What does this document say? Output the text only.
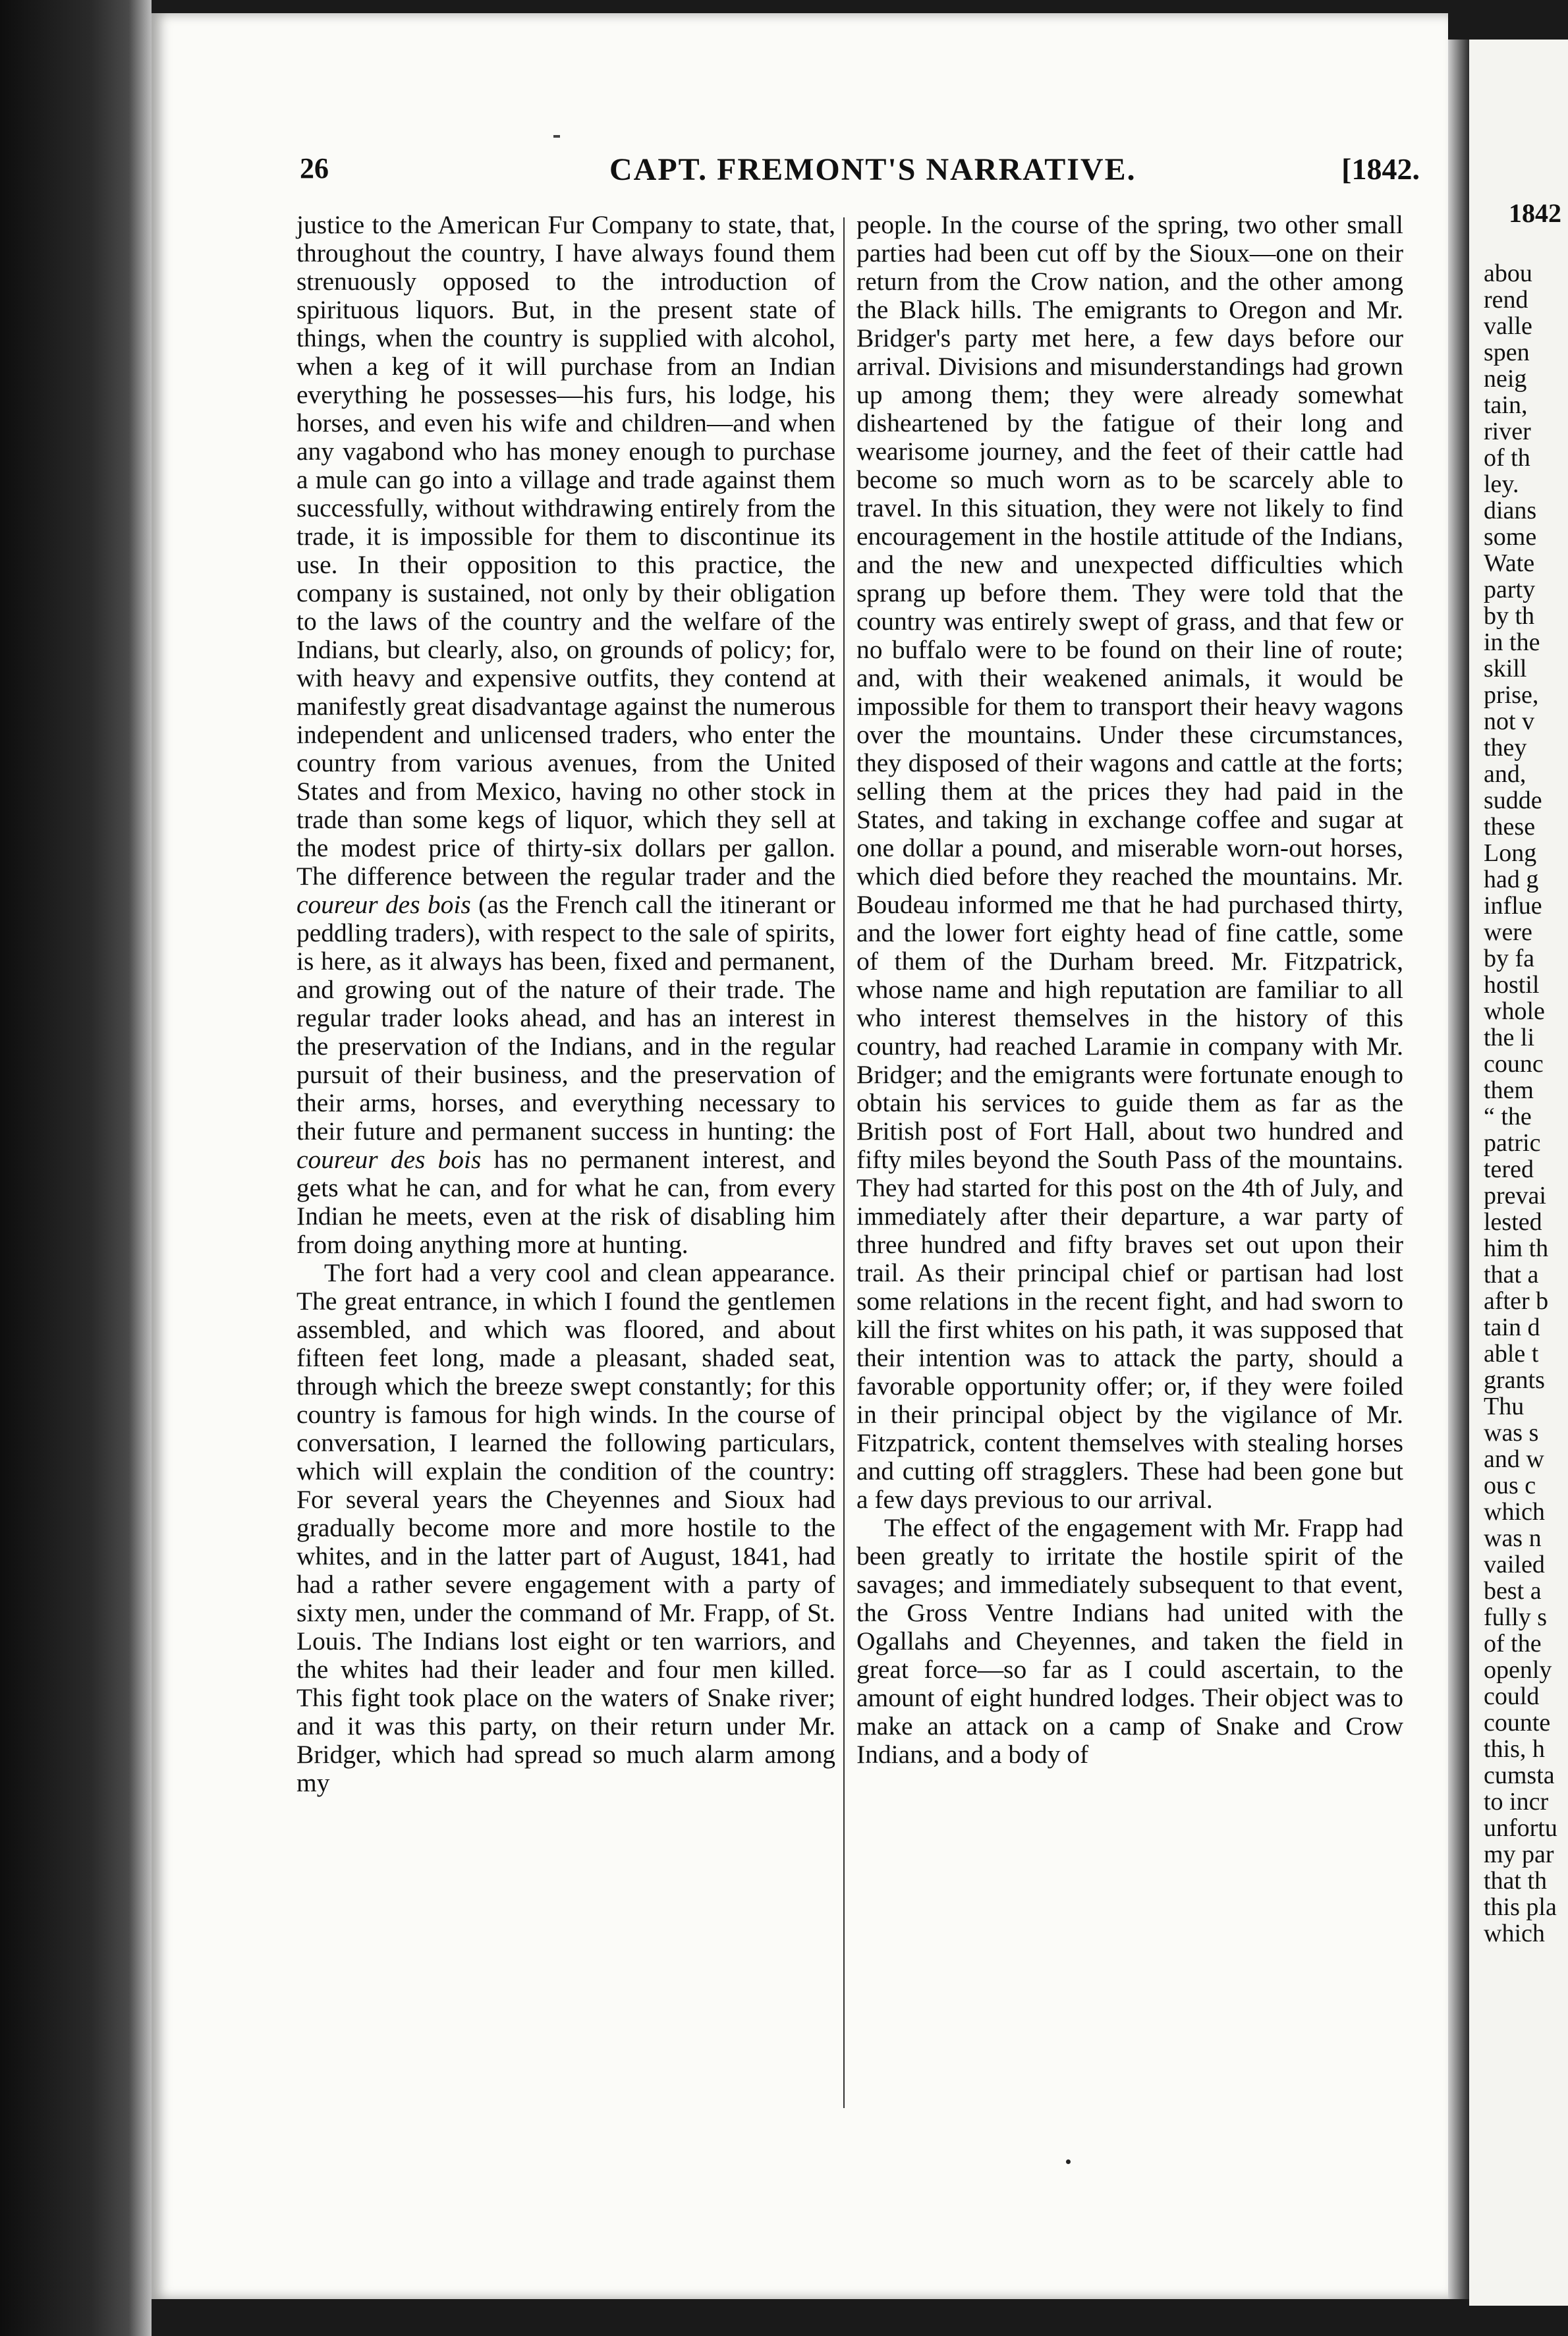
1842
abou
rend
valle
spen
neig
tain,
river
of th
ley.
dians
some
Wate
party
by th
in the
skill
prise,
not v
they
and,
sudde
these
Long
had g
influe
were
by fa
hostil
whole
the li
counc
them
“ the
patric
tered
prevai
lested
him th
that a
after b
tain d
able t
grants
Thu
was s
and w
ous c
which
was n
vailed
best a
fully s
of the
openly
could
counte
this, h
cumsta
to incr
unfortu
my par
that th
this pla
which
26	CAPT. FREMONT'S NARRATIVE.	[1842.

justice to the American Fur Company to state, that, throughout the country, I have always found them strenuously opposed to the introduction of spirituous liquors. But, in the present state of things, when the country is supplied with alcohol, when a keg of it will purchase from an Indian everything he possesses—his furs, his lodge, his horses, and even his wife and children—and when any vagabond who has money enough to purchase a mule can go into a village and trade against them successfully, without withdrawing entirely from the trade, it is impossible for them to discontinue its use. In their opposition to this practice, the company is sustained, not only by their obligation to the laws of the country and the welfare of the Indians, but clearly, also, on grounds of policy; for, with heavy and expensive outfits, they contend at manifestly great disadvantage against the numerous independent and unlicensed traders, who enter the country from various avenues, from the United States and from Mexico, having no other stock in trade than some kegs of liquor, which they sell at the modest price of thirty-six dollars per gallon. The difference between the regular trader and the coureur des bois (as the French call the itinerant or peddling traders), with respect to the sale of spirits, is here, as it always has been, fixed and permanent, and growing out of the nature of their trade. The regular trader looks ahead, and has an interest in the preservation of the Indians, and in the regular pursuit of their business, and the preservation of their arms, horses, and everything necessary to their future and permanent success in hunting: the coureur des bois has no permanent interest, and gets what he can, and for what he can, from every Indian he meets, even at the risk of disabling him from doing anything more at hunting.

The fort had a very cool and clean appearance. The great entrance, in which I found the gentlemen assembled, and which was floored, and about fifteen feet long, made a pleasant, shaded seat, through which the breeze swept constantly; for this country is famous for high winds. In the course of conversation, I learned the following particulars, which will explain the condition of the country: For several years the Cheyennes and Sioux had gradually become more and more hostile to the whites, and in the latter part of August, 1841, had had a rather severe engagement with a party of sixty men, under the command of Mr. Frapp, of St. Louis. The Indians lost eight or ten warriors, and the whites had their leader and four men killed. This fight took place on the waters of Snake river; and it was this party, on their return under Mr. Bridger, which had spread so much alarm among my

people. In the course of the spring, two other small parties had been cut off by the Sioux—one on their return from the Crow nation, and the other among the Black hills. The emigrants to Oregon and Mr. Bridger's party met here, a few days before our arrival. Divisions and misunderstandings had grown up among them; they were already somewhat disheartened by the fatigue of their long and wearisome journey, and the feet of their cattle had become so much worn as to be scarcely able to travel. In this situation, they were not likely to find encouragement in the hostile attitude of the Indians, and the new and unexpected difficulties which sprang up before them. They were told that the country was entirely swept of grass, and that few or no buffalo were to be found on their line of route; and, with their weakened animals, it would be impossible for them to transport their heavy wagons over the mountains. Under these circumstances, they disposed of their wagons and cattle at the forts; selling them at the prices they had paid in the States, and taking in exchange coffee and sugar at one dollar a pound, and miserable worn-out horses, which died before they reached the mountains. Mr. Boudeau informed me that he had purchased thirty, and the lower fort eighty head of fine cattle, some of them of the Durham breed. Mr. Fitzpatrick, whose name and high reputation are familiar to all who interest themselves in the history of this country, had reached Laramie in company with Mr. Bridger; and the emigrants were fortunate enough to obtain his services to guide them as far as the British post of Fort Hall, about two hundred and fifty miles beyond the South Pass of the mountains. They had started for this post on the 4th of July, and immediately after their departure, a war party of three hundred and fifty braves set out upon their trail. As their principal chief or partisan had lost some relations in the recent fight, and had sworn to kill the first whites on his path, it was supposed that their intention was to attack the party, should a favorable opportunity offer; or, if they were foiled in their principal object by the vigilance of Mr. Fitzpatrick, content themselves with stealing horses and cutting off stragglers. These had been gone but a few days previous to our arrival.

The effect of the engagement with Mr. Frapp had been greatly to irritate the hostile spirit of the savages; and immediately subsequent to that event, the Gross Ventre Indians had united with the Ogallahs and Cheyennes, and taken the field in great force—so far as I could ascertain, to the amount of eight hundred lodges. Their object was to make an attack on a camp of Snake and Crow Indians, and a body of
